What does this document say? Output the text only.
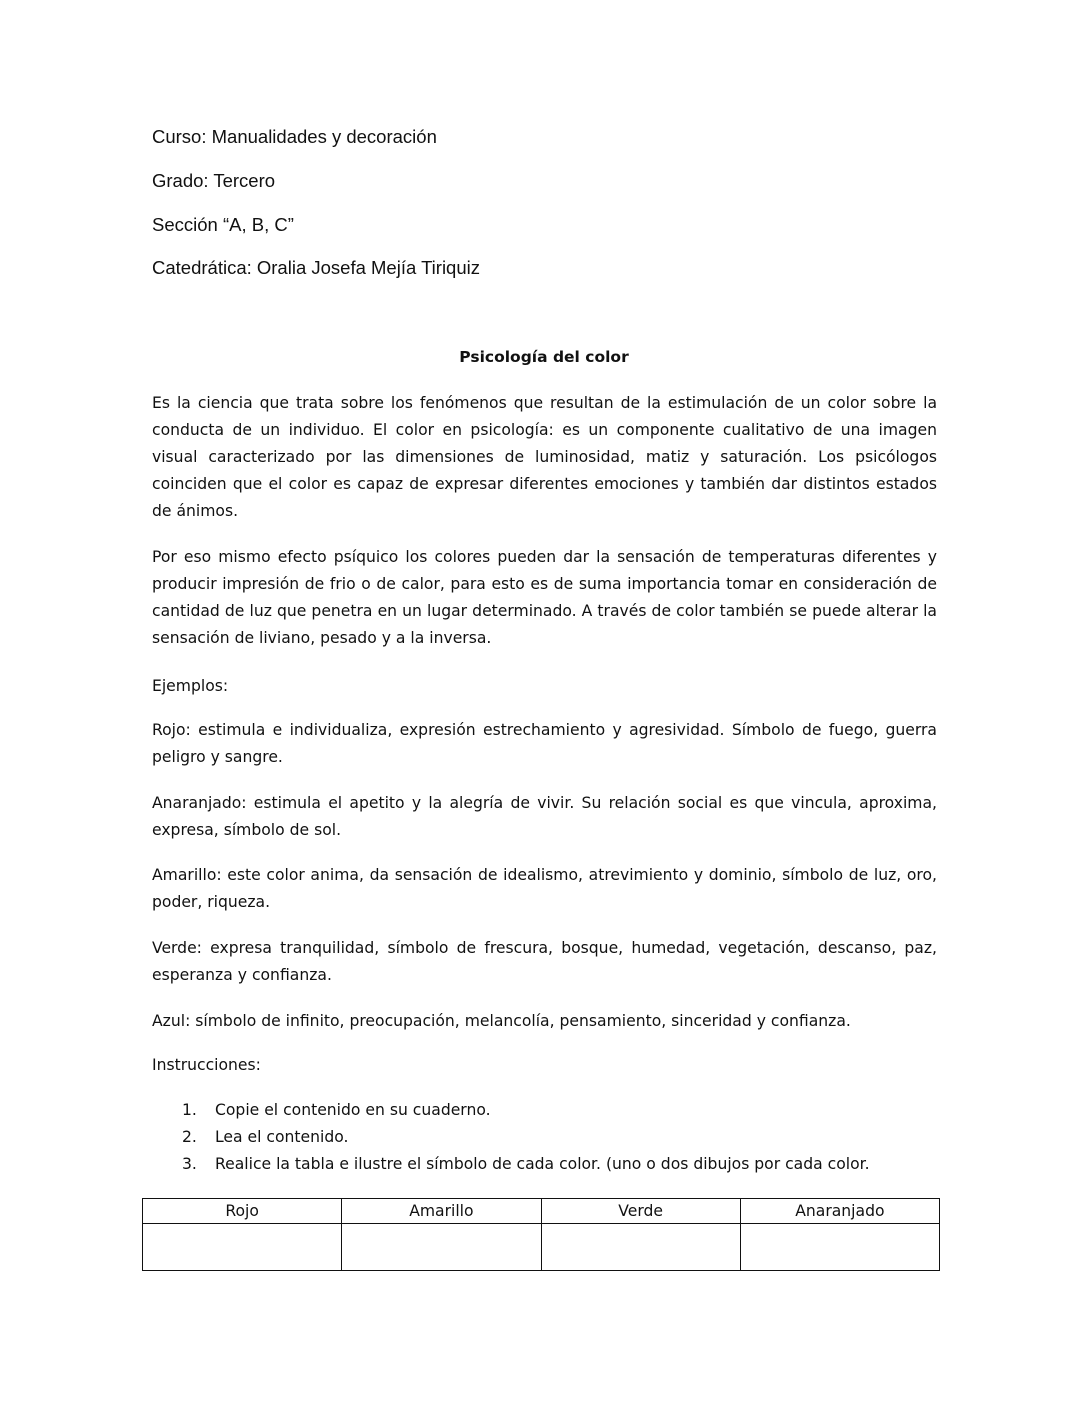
Curso: Manualidades y decoración
Grado: Tercero
Sección “A, B, C”
Catedrática: Oralia Josefa Mejía Tiriquiz
Psicología del color
Es la ciencia que trata sobre los fenómenos que resultan de la estimulación de un color sobre la conducta de un individuo. El color en psicología: es un componente cualitativo de una imagen visual caracterizado por las dimensiones de luminosidad, matiz y saturación. Los psicólogos coinciden que el color es capaz de expresar diferentes emociones y también dar distintos estados de ánimos.
Por eso mismo efecto psíquico los colores pueden dar la sensación de temperaturas diferentes y producir impresión de frio o de calor, para esto es de suma importancia tomar en consideración de cantidad de luz que penetra en un lugar determinado. A través de color también se puede alterar la sensación de liviano, pesado y a la inversa.
Ejemplos:
Rojo: estimula e individualiza, expresión estrechamiento y agresividad. Símbolo de fuego, guerra peligro y sangre.
Anaranjado: estimula el apetito y la alegría de vivir. Su relación social es que vincula, aproxima, expresa, símbolo de sol.
Amarillo: este color anima, da sensación de idealismo, atrevimiento y dominio, símbolo de luz, oro, poder, riqueza.
Verde: expresa tranquilidad, símbolo de frescura, bosque, humedad, vegetación, descanso, paz, esperanza y confianza.
Azul: símbolo de infinito, preocupación, melancolía, pensamiento, sinceridad y confianza.
Instrucciones:
1. Copie el contenido en su cuaderno.
2. Lea el contenido.
3. Realice la tabla e ilustre el símbolo de cada color. (uno o dos dibujos por cada color.
Rojo	Amarillo	Verde	Anaranjado
